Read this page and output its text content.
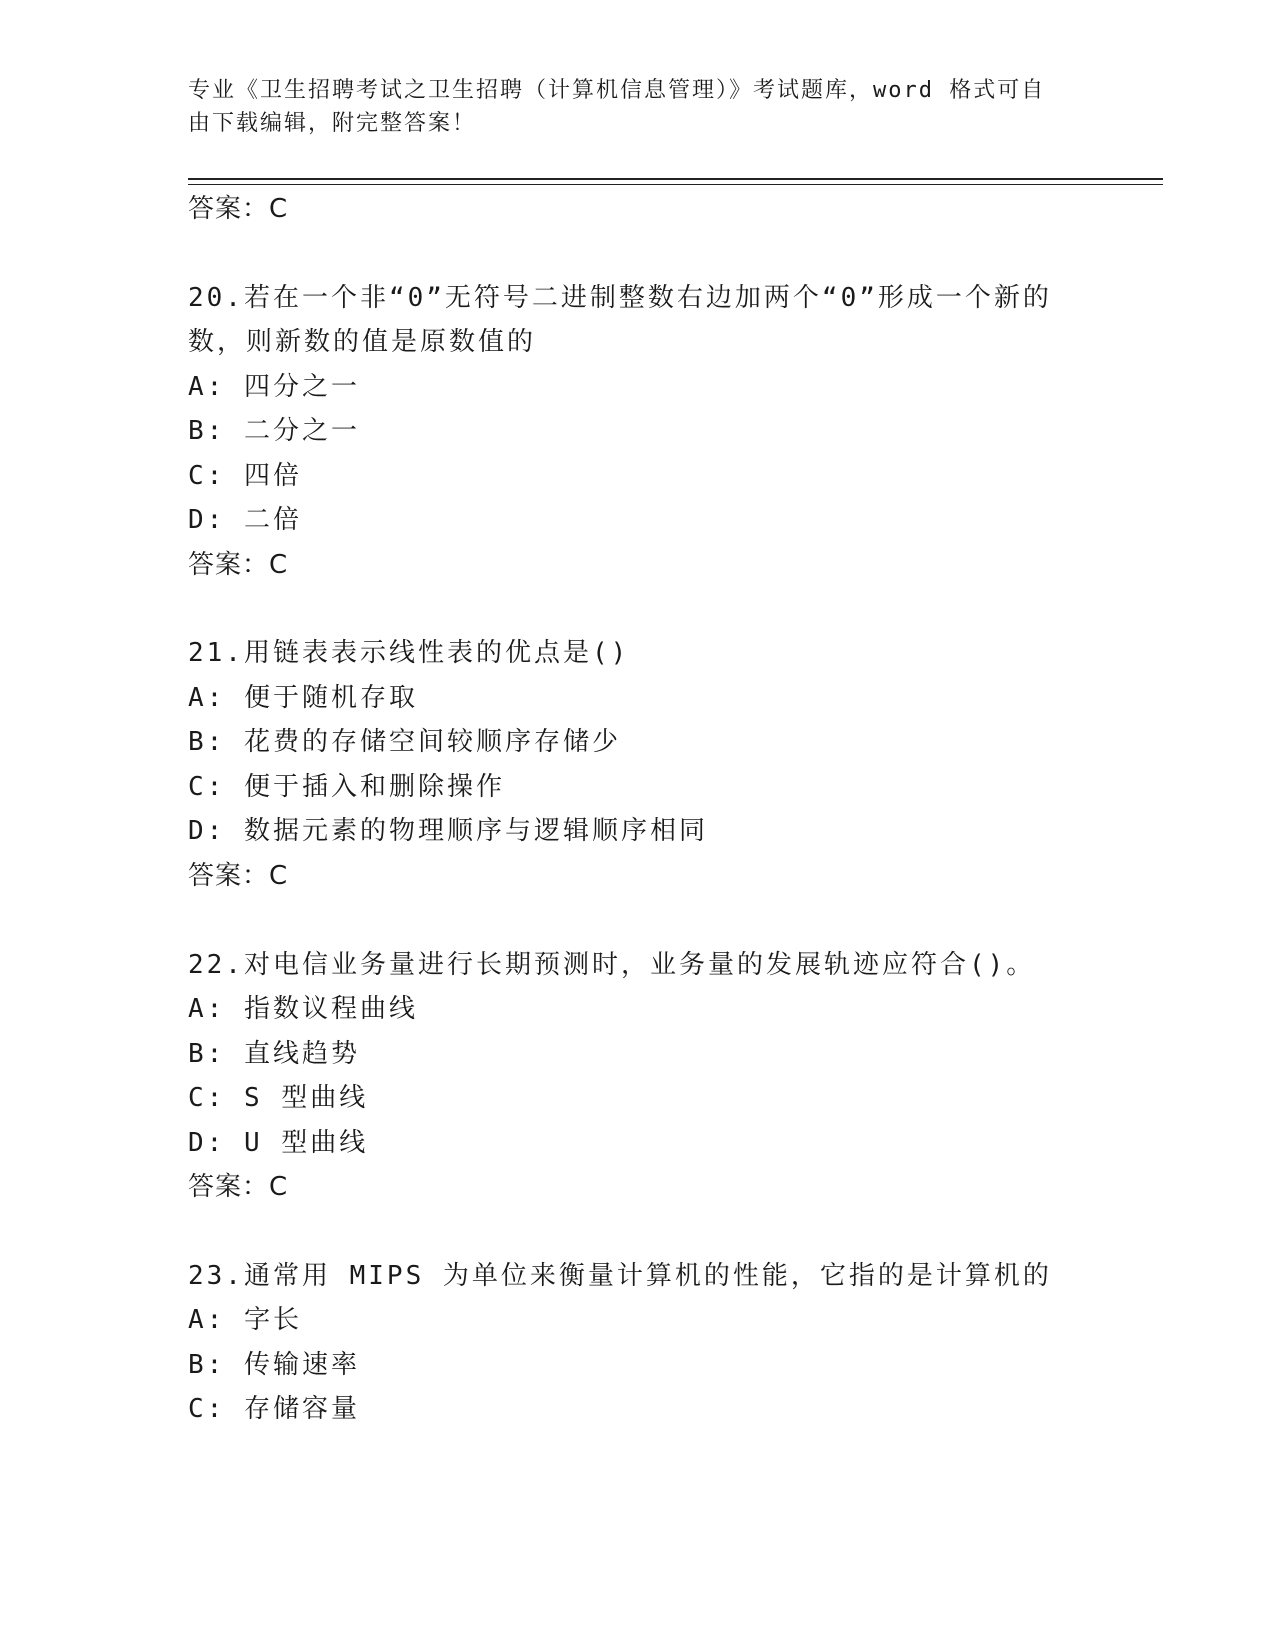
专业《卫生招聘考试之卫生招聘（计算机信息管理）》考试题库，word 格式可自
由下载编辑，附完整答案！
答案：C
20.若在一个非“0”无符号二进制整数右边加两个“0”形成一个新的
数，则新数的值是原数值的
A: 四分之一
B: 二分之一
C: 四倍
D: 二倍
答案：C
21.用链表表示线性表的优点是()
A: 便于随机存取
B: 花费的存储空间较顺序存储少
C: 便于插入和删除操作
D: 数据元素的物理顺序与逻辑顺序相同
答案：C
22.对电信业务量进行长期预测时，业务量的发展轨迹应符合()。
A: 指数议程曲线
B: 直线趋势
C: S 型曲线
D: U 型曲线
答案：C
23.通常用 MIPS 为单位来衡量计算机的性能，它指的是计算机的
A: 字长
B: 传输速率
C: 存储容量
